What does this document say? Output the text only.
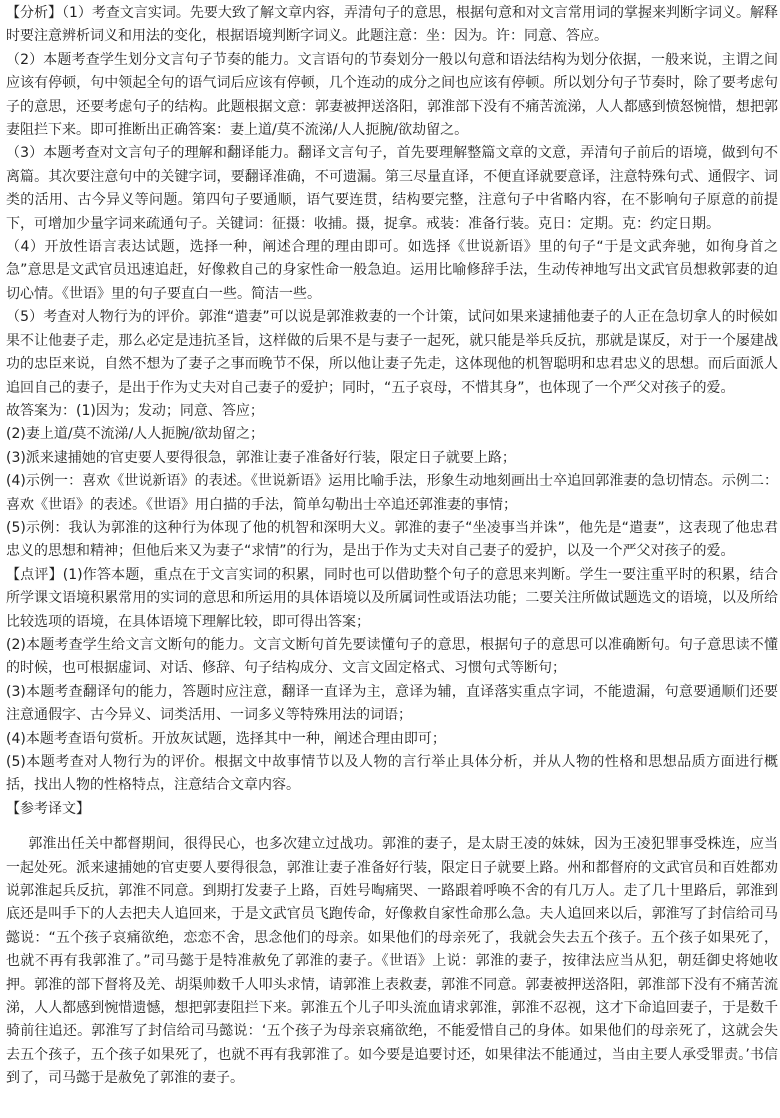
【分析】（1）考查文言实词。先要大致了解文章内容，弄清句子的意思，根据句意和对文言常用词的掌握来判断字词义。解释时要注意辨析词义和用法的变化，根据语境判断字词义。此题注意：坐：因为。许：同意、答应。

（2）本题考查学生划分文言句子节奏的能力。文言语句的节奏划分一般以句意和语法结构为划分依据，一般来说，主谓之间应该有停顿，句中领起全句的语气词后应该有停顿，几个连动的成分之间也应该有停顿。所以划分句子节奏时，除了要考虑句子的意思，还要考虑句子的结构。此题根据文意：郭妻被押送洛阳，郭淮部下没有不痛苦流涕，人人都感到愤怒惋惜，想把郭妻阻拦下来。即可推断出正确答案：妻上道/莫不流涕/人人扼腕/欲劫留之。

（3）本题考查对文言句子的理解和翻译能力。翻译文言句子，首先要理解整篇文章的文意，弄清句子前后的语境，做到句不离篇。其次要注意句中的关键字词，要翻译准确，不可遗漏。第三尽量直译，不便直译就要意译，注意特殊句式、通假字、词类的活用、古今异义等问题。第四句子要通顺，语气要连贯，结构要完整，注意句子中省略内容，在不影响句子原意的前提下，可增加少量字词来疏通句子。关键词：征摄：收捕。摄，捉拿。戒装：准备行装。克日：定期。克：约定日期。

（4）开放性语言表达试题，选择一种，阐述合理的理由即可。如选择《世说新语》里的句子“于是文武奔驰，如徇身首之急”意思是文武官员迅速追赶，好像救自己的身家性命一般急迫。运用比喻修辞手法，生动传神地写出文武官员想救郭妻的迫切心情。《世语》里的句子要直白一些。简洁一些。

（5）考查对人物行为的评价。郭淮“遣妻”可以说是郭淮救妻的一个计策，试问如果来逮捕他妻子的人正在急切拿人的时候如果不让他妻子走，那么必定是违抗圣旨，这样做的后果不是与妻子一起死，就只能是举兵反抗，那就是谋反，对于一个屡建战功的忠臣来说，自然不想为了妻子之事而晚节不保，所以他让妻子先走，这体现他的机智聪明和忠君忠义的思想。而后面派人追回自己的妻子，是出于作为丈夫对自己妻子的爱护；同时，“五子哀母，不惜其身”，也体现了一个严父对孩子的爱。

故答案为：(1)因为；发动；同意、答应；

(2)妻上道/莫不流涕/人人扼腕/欲劫留之；

(3)派来逮捕她的官吏要人要得很急，郭淮让妻子准备好行装，限定日子就要上路；

(4)示例一：喜欢《世说新语》的表述。《世说新语》运用比喻手法，形象生动地刻画出士卒追回郭淮妻的急切情态。示例二：喜欢《世语》的表述。《世语》用白描的手法，简单勾勒出士卒追还郭淮妻的事情；

(5)示例：我认为郭淮的这种行为体现了他的机智和深明大义。郭淮的妻子“坐凌事当并诛”，他先是“遣妻”，这表现了他忠君忠义的思想和精神；但他后来又为妻子“求情”的行为，是出于作为丈夫对自己妻子的爱护，以及一个严父对孩子的爱。

【点评】(1)作答本题，重点在于文言实词的积累，同时也可以借助整个句子的意思来判断。学生一要注重平时的积累，结合所学课文语境积累常用的实词的意思和所运用的具体语境以及所属词性或语法功能；二要关注所做试题选文的语境，以及所给比较选项的语境，在具体语境下理解比较，即可得出答案；

(2)本题考查学生给文言文断句的能力。文言文断句首先要读懂句子的意思，根据句子的意思可以准确断句。句子意思读不懂的时候，也可根据虚词、对话、修辞、句子结构成分、文言文固定格式、习惯句式等断句；

(3)本题考查翻译句的能力，答题时应注意，翻译一直译为主，意译为辅，直译落实重点字词，不能遗漏，句意要通顺们还要注意通假字、古今异义、词类活用、一词多义等特殊用法的词语；

(4)本题考查语句赏析。开放灰试题，选择其中一种，阐述合理由即可；

(5)本题考查对人物行为的评价。根据文中故事情节以及人物的言行举止具体分析，并从人物的性格和思想品质方面进行概括，找出人物的性格特点，注意结合文章内容。

【参考译文】

郭淮出任关中都督期间，很得民心，也多次建立过战功。郭淮的妻子，是太尉王凌的妹妹，因为王凌犯罪事受株连，应当一起处死。派来逮捕她的官吏要人要得很急，郭淮让妻子准备好行装，限定日子就要上路。州和都督府的文武官员和百姓都劝说郭淮起兵反抗，郭淮不同意。到期打发妻子上路，百姓号啕痛哭、一路跟着呼唤不舍的有几万人。走了几十里路后，郭淮到底还是叫手下的人去把夫人追回来，于是文武官员飞跑传命，好像救自家性命那么急。夫人追回来以后，郭淮写了封信给司马懿说：“五个孩子哀痛欲绝，恋恋不舍，思念他们的母亲。如果他们的母亲死了，我就会失去五个孩子。五个孩子如果死了，也就不再有我郭淮了。”司马懿于是特准赦免了郭淮的妻子。《世语》上说：郭淮的妻子，按律法应当从犯，朝廷御史将她收押。郭淮的部下督将及羌、胡渠帅数千人叩头求情，请郭淮上表救妻，郭淮不同意。郭妻被押送洛阳，郭淮部下没有不痛苦流涕，人人都感到惋惜遗憾，想把郭妻阻拦下来。郭淮五个儿子叩头流血请求郭淮，郭淮不忍视，这才下命追回妻子，于是数千骑前往追还。郭淮写了封信给司马懿说：‘五个孩子为母亲哀痛欲绝，不能爱惜自己的身体。如果他们的母亲死了，这就会失去五个孩子，五个孩子如果死了，也就不再有我郭淮了。如今要是追要讨还，如果律法不能通过，当由主要人承受罪责。’书信到了，司马懿于是赦免了郭淮的妻子。
